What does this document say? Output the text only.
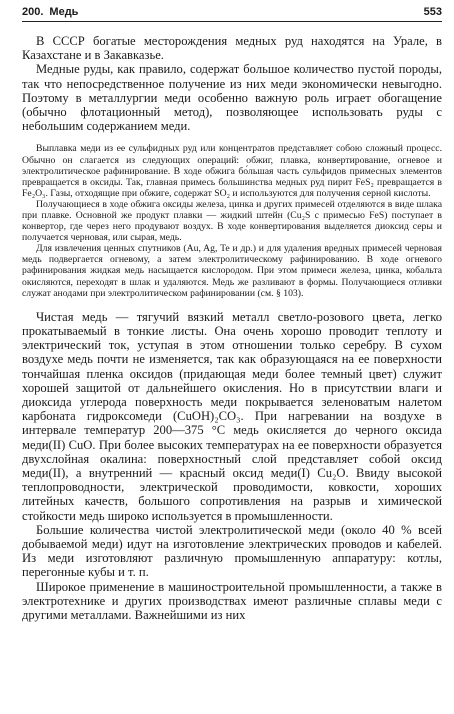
200. Медь	553

В СССР богатые месторождения медных руд находятся на Урале, в Казахстане и в Закавказье.

Медные руды, как правило, содержат большое количество пустой породы, так что непосредственное получение из них меди экономически невыгодно. Поэтому в металлургии меди особенно важную роль играет обогащение (обычно флотационный метод), позволяющее использовать руды с небольшим содержанием меди.

Выплавка меди из ее сульфидных руд или концентратов представляет собою сложный процесс. Обычно он слагается из следующих операций: обжиг, плавка, конвертирование, огневое и электролитическое рафинирование. В ходе обжига бо́льшая часть сульфидов примесных элементов превращается в оксиды. Так, главная примесь большинства медных руд пирит FeS₂ превращается в Fe₂O₃. Газы, отходящие при обжиге, содержат SO₂ и используются для получения серной кислоты.

Получающиеся в ходе обжига оксиды железа, цинка и других примесей отделяются в виде шлака при плавке. Основной же продукт плавки — жидкий штейн (Cu₂S с примесью FeS) поступает в конвертор, где через него продувают воздух. В ходе конвертирования выделяется диоксид серы и получается черновая, или сырая, медь.

Для извлечения ценных спутников (Au, Ag, Te и др.) и для удаления вредных примесей черновая медь подвергается огневому, а затем электролитическому рафинированию. В ходе огневого рафинирования жидкая медь насыщается кислородом. При этом примеси железа, цинка, кобальта окисляются, переходят в шлак и удаляются. Медь же разливают в формы. Получающиеся отливки служат анодами при электролитическом рафинировании (см. § 103).

Чистая медь — тягучий вязкий металл светло-розового цвета, легко прокатываемый в тонкие листы. Она очень хорошо проводит теплоту и электрический ток, уступая в этом отношении только серебру. В сухом воздухе медь почти не изменяется, так как образующаяся на ее поверхности тончайшая пленка оксидов (придающая меди более темный цвет) служит хорошей защитой от дальнейшего окисления. Но в присутствии влаги и диоксида углерода поверхность меди покрывается зеленоватым налетом карбоната гидроксомеди (CuOH)₂CO₃. При нагревании на воздухе в интервале температур 200—375 °С медь окисляется до черного оксида меди(II) CuO. При более высоких температурах на ее поверхности образуется двухслойная окалина: поверхностный слой представляет собой оксид меди(II), а внутренний — красный оксид меди(I) Cu₂O. Ввиду высокой теплопроводности, электрической проводимости, ковкости, хороших литейных качеств, большого сопротивления на разрыв и химической стойкости медь широко используется в промышленности.

Большие количества чистой электролитической меди (около 40 % всей добываемой меди) идут на изготовление электрических проводов и кабелей. Из меди изготовляют различную промышленную аппаратуру: котлы, перегонные кубы и т. п.

Широкое применение в машиностроительной промышленности, а также в электротехнике и других производствах имеют различные сплавы меди с другими металлами. Важнейшими из них
